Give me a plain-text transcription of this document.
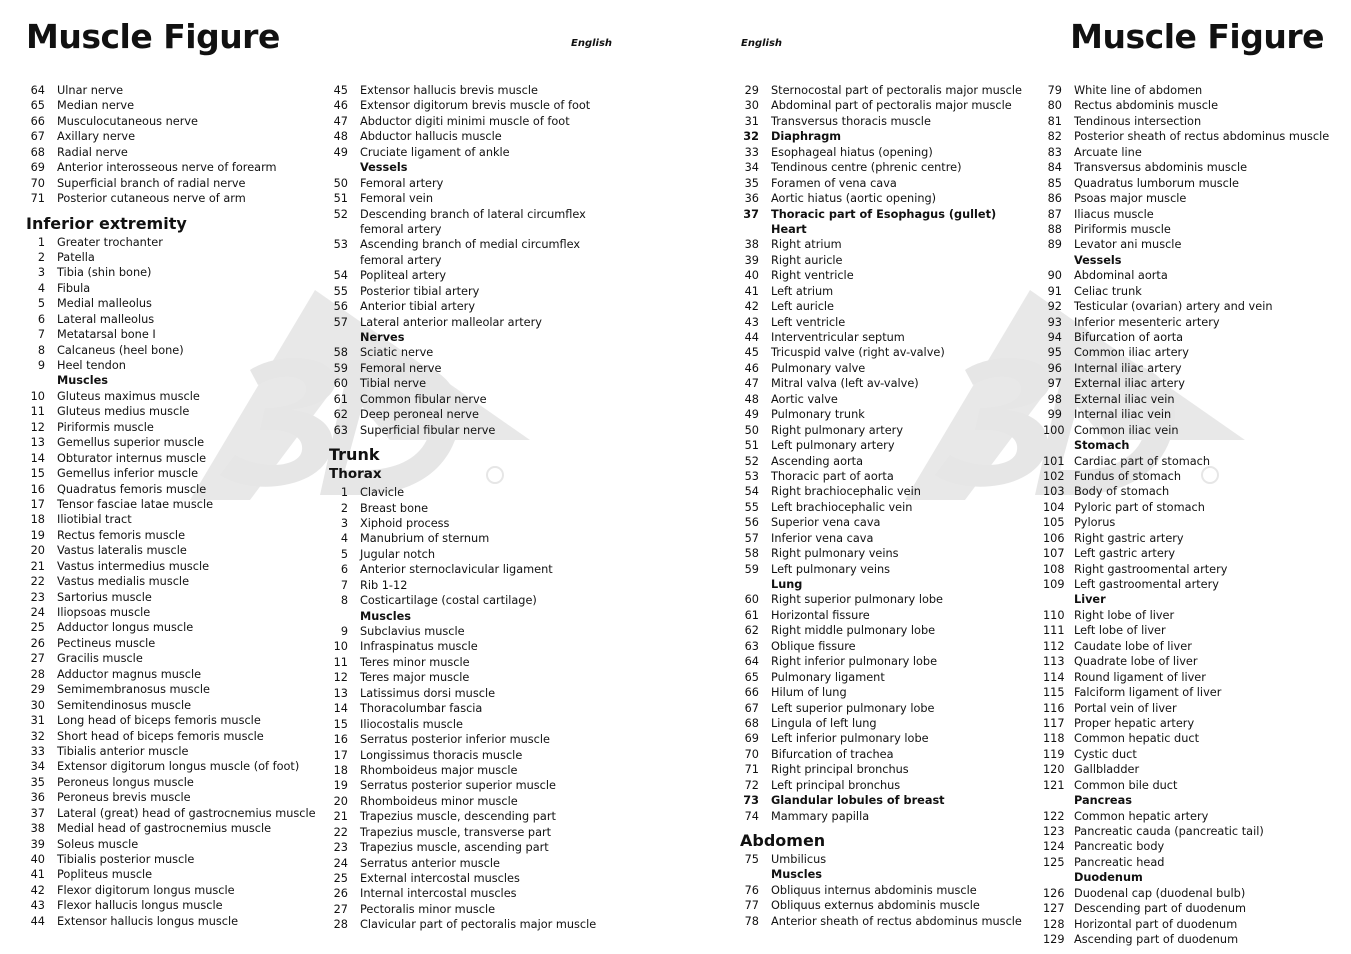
Muscle Figure	Muscle Figure
English	English
64 Ulnar nerve
65 Median nerve
66 Musculocutaneous nerve
67 Axillary nerve
68 Radial nerve
69 Anterior interosseous nerve of forearm
70 Superficial branch of radial nerve
71 Posterior cutaneous nerve of arm
Inferior extremity
1 Greater trochanter
2 Patella
3 Tibia (shin bone)
4 Fibula
5 Medial malleolus
6 Lateral malleolus
7 Metatarsal bone I
8 Calcaneus (heel bone)
9 Heel tendon
Muscles
10 Gluteus maximus muscle
11 Gluteus medius muscle
12 Piriformis muscle
13 Gemellus superior muscle
14 Obturator internus muscle
15 Gemellus inferior muscle
16 Quadratus femoris muscle
17 Tensor fasciae latae muscle
18 Iliotibial tract
19 Rectus femoris muscle
20 Vastus lateralis muscle
21 Vastus intermedius muscle
22 Vastus medialis muscle
23 Sartorius muscle
24 Iliopsoas muscle
25 Adductor longus muscle
26 Pectineus muscle
27 Gracilis muscle
28 Adductor magnus muscle
29 Semimembranosus muscle
30 Semitendinosus muscle
31 Long head of biceps femoris muscle
32 Short head of biceps femoris muscle
33 Tibialis anterior muscle
34 Extensor digitorum longus muscle (of foot)
35 Peroneus longus muscle
36 Peroneus brevis muscle
37 Lateral (great) head of gastrocnemius muscle
38 Medial head of gastrocnemius muscle
39 Soleus muscle
40 Tibialis posterior muscle
41 Popliteus muscle
42 Flexor digitorum longus muscle
43 Flexor hallucis longus muscle
44 Extensor hallucis longus muscle
45 Extensor hallucis brevis muscle
46 Extensor digitorum brevis muscle of foot
47 Abductor digiti minimi muscle of foot
48 Abductor hallucis muscle
49 Cruciate ligament of ankle
Vessels
50 Femoral artery
51 Femoral vein
52 Descending branch of lateral circumflex
femoral artery
53 Ascending branch of medial circumflex
femoral artery
54 Popliteal artery
55 Posterior tibial artery
56 Anterior tibial artery
57 Lateral anterior malleolar artery
Nerves
58 Sciatic nerve
59 Femoral nerve
60 Tibial nerve
61 Common fibular nerve
62 Deep peroneal nerve
63 Superficial fibular nerve
Trunk
Thorax
1 Clavicle
2 Breast bone
3 Xiphoid process
4 Manubrium of sternum
5 Jugular notch
6 Anterior sternoclavicular ligament
7 Rib 1-12
8 Costicartilage (costal cartilage)
Muscles
9 Subclavius muscle
10 Infraspinatus muscle
11 Teres minor muscle
12 Teres major muscle
13 Latissimus dorsi muscle
14 Thoracolumbar fascia
15 Iliocostalis muscle
16 Serratus posterior inferior muscle
17 Longissimus thoracis muscle
18 Rhomboideus major muscle
19 Serratus posterior superior muscle
20 Rhomboideus minor muscle
21 Trapezius muscle, descending part
22 Trapezius muscle, transverse part
23 Trapezius muscle, ascending part
24 Serratus anterior muscle
25 External intercostal muscles
26 Internal intercostal muscles
27 Pectoralis minor muscle
28 Clavicular part of pectoralis major muscle
29 Sternocostal part of pectoralis major muscle
30 Abdominal part of pectoralis major muscle
31 Transversus thoracis muscle
32 Diaphragm
33 Esophageal hiatus (opening)
34 Tendinous centre (phrenic centre)
35 Foramen of vena cava
36 Aortic hiatus (aortic opening)
37 Thoracic part of Esophagus (gullet)
Heart
38 Right atrium
39 Right auricle
40 Right ventricle
41 Left atrium
42 Left auricle
43 Left ventricle
44 Interventricular septum
45 Tricuspid valve (right av-valve)
46 Pulmonary valve
47 Mitral valva (left av-valve)
48 Aortic valve
49 Pulmonary trunk
50 Right pulmonary artery
51 Left pulmonary artery
52 Ascending aorta
53 Thoracic part of aorta
54 Right brachiocephalic vein
55 Left brachiocephalic vein
56 Superior vena cava
57 Inferior vena cava
58 Right pulmonary veins
59 Left pulmonary veins
Lung
60 Right superior pulmonary lobe
61 Horizontal fissure
62 Right middle pulmonary lobe
63 Oblique fissure
64 Right inferior pulmonary lobe
65 Pulmonary ligament
66 Hilum of lung
67 Left superior pulmonary lobe
68 Lingula of left lung
69 Left inferior pulmonary lobe
70 Bifurcation of trachea
71 Right principal bronchus
72 Left principal bronchus
73 Glandular lobules of breast
74 Mammary papilla
Abdomen
75 Umbilicus
Muscles
76 Obliquus internus abdominis muscle
77 Obliquus externus abdominis muscle
78 Anterior sheath of rectus abdominus muscle
79 White line of abdomen
80 Rectus abdominis muscle
81 Tendinous intersection
82 Posterior sheath of rectus abdominus muscle
83 Arcuate line
84 Transversus abdominis muscle
85 Quadratus lumborum muscle
86 Psoas major muscle
87 Iliacus muscle
88 Piriformis muscle
89 Levator ani muscle
Vessels
90 Abdominal aorta
91 Celiac trunk
92 Testicular (ovarian) artery and vein
93 Inferior mesenteric artery
94 Bifurcation of aorta
95 Common iliac artery
96 Internal iliac artery
97 External iliac artery
98 External iliac vein
99 Internal iliac vein
100 Common iliac vein
Stomach
101 Cardiac part of stomach
102 Fundus of stomach
103 Body of stomach
104 Pyloric part of stomach
105 Pylorus
106 Right gastric artery
107 Left gastric artery
108 Right gastroomental artery
109 Left gastroomental artery
Liver
110 Right lobe of liver
111 Left lobe of liver
112 Caudate lobe of liver
113 Quadrate lobe of liver
114 Round ligament of liver
115 Falciform ligament of liver
116 Portal vein of liver
117 Proper hepatic artery
118 Common hepatic duct
119 Cystic duct
120 Gallbladder
121 Common bile duct
Pancreas
122 Common hepatic artery
123 Pancreatic cauda (pancreatic tail)
124 Pancreatic body
125 Pancreatic head
Duodenum
126 Duodenal cap (duodenal bulb)
127 Descending part of duodenum
128 Horizontal part of duodenum
129 Ascending part of duodenum
